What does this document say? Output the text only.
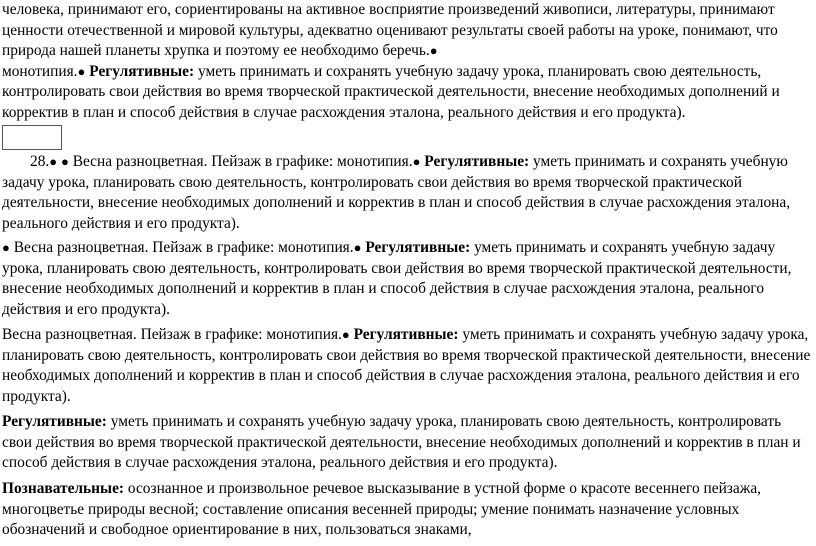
человека, принимают его, сориентированы на активное восприятие произведений живописи, литературы, принимают ценности отечественной и мировой культуры, адекватно оценивают результаты своей работы на уроке, понимают, что природа нашей планеты хрупка и поэтому ее необходимо беречь.●
монотипия.● Регулятивные: уметь принимать и сохранять учебную задачу урока, планировать свою деятельность, контролировать свои действия во время творческой практической деятельности, внесение необходимых дополнений и корректив в план и способ действия в случае расхождения эталона, реального действия и его продукта).

28.● ● Весна разноцветная. Пейзаж в графике: монотипия.● Регулятивные: уметь принимать и сохранять учебную задачу урока, планировать свою деятельность, контролировать свои действия во время творческой практической деятельности, внесение необходимых дополнений и корректив в план и способ действия в случае расхождения эталона, реального действия и его продукта).

● Весна разноцветная. Пейзаж в графике: монотипия.● Регулятивные: уметь принимать и сохранять учебную задачу урока, планировать свою деятельность, контролировать свои действия во время творческой практической деятельности, внесение необходимых дополнений и корректив в план и способ действия в случае расхождения эталона, реального действия и его продукта).

Весна разноцветная. Пейзаж в графике: монотипия.● Регулятивные: уметь принимать и сохранять учебную задачу урока, планировать свою деятельность, контролировать свои действия во время творческой практической деятельности, внесение необходимых дополнений и корректив в план и способ действия в случае расхождения эталона, реального действия и его продукта).

Регулятивные: уметь принимать и сохранять учебную задачу урока, планировать свою деятельность, контролировать свои действия во время творческой практической деятельности, внесение необходимых дополнений и корректив в план и способ действия в случае расхождения эталона, реального действия и его продукта).

Познавательные: осознанное и произвольное речевое высказывание в устной форме о красоте весеннего пейзажа, многоцветье природы весной; составление описания весенней природы; умение понимать назначение условных обозначений и свободное ориентирование в них, пользоваться знаками,
